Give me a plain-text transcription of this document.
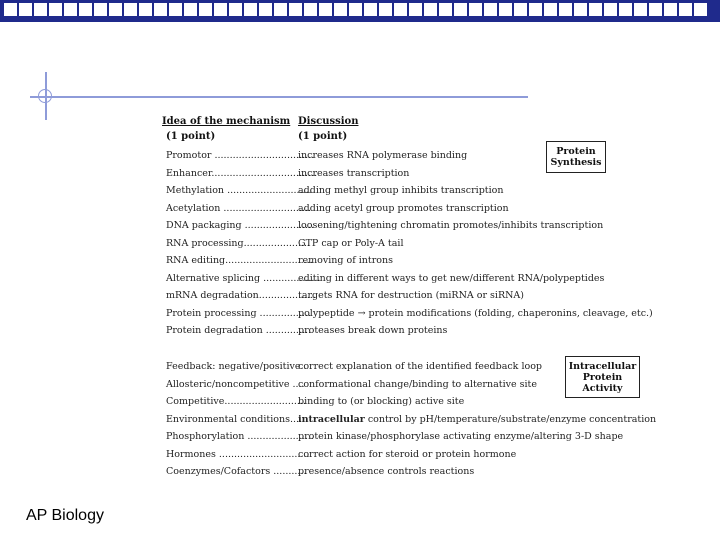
Idea of the mechanism Discussion
(1 point)	(1 point)
Protein
Synthesis
Intracellular
Protein
Activity
Promotor .................................
increases RNA polymerase binding
Enhancer...................................
increases transcription
Methylation ............................
adding methyl group inhibits transcription
Acetylation .............................
adding acetyl group promotes transcription
DNA packaging .......................
loosening/tightening chromatin promotes/inhibits transcription
RNA processing......................
GTP cap or Poly-A tail
RNA editing.............................
removing of introns
Alternative splicing ...................
editing in different ways to get new/different RNA/polypeptides
mRNA degradation...................
targets RNA for destruction (miRNA or siRNA)
Protein processing .................
polypeptide → protein modifications (folding, chaperonins, cleavage, etc.)
Protein degradation ...............
proteases break down proteins
Feedback: negative/positive..
correct explanation of the identified feedback loop
Allosteric/noncompetitive ....
conformational change/binding to alternative site
Competitive...........................
binding to (or blocking) active site
Environmental conditions.....
intracellular control by pH/temperature/substrate/enzyme concentration
Phosphorylation ......................
protein kinase/phosphorylase activating enzyme/altering 3-D shape
Hormones ..............................
correct action for steroid or protein hormone
Coenzymes/Cofactors ...........
presence/absence controls reactions
AP Biology
